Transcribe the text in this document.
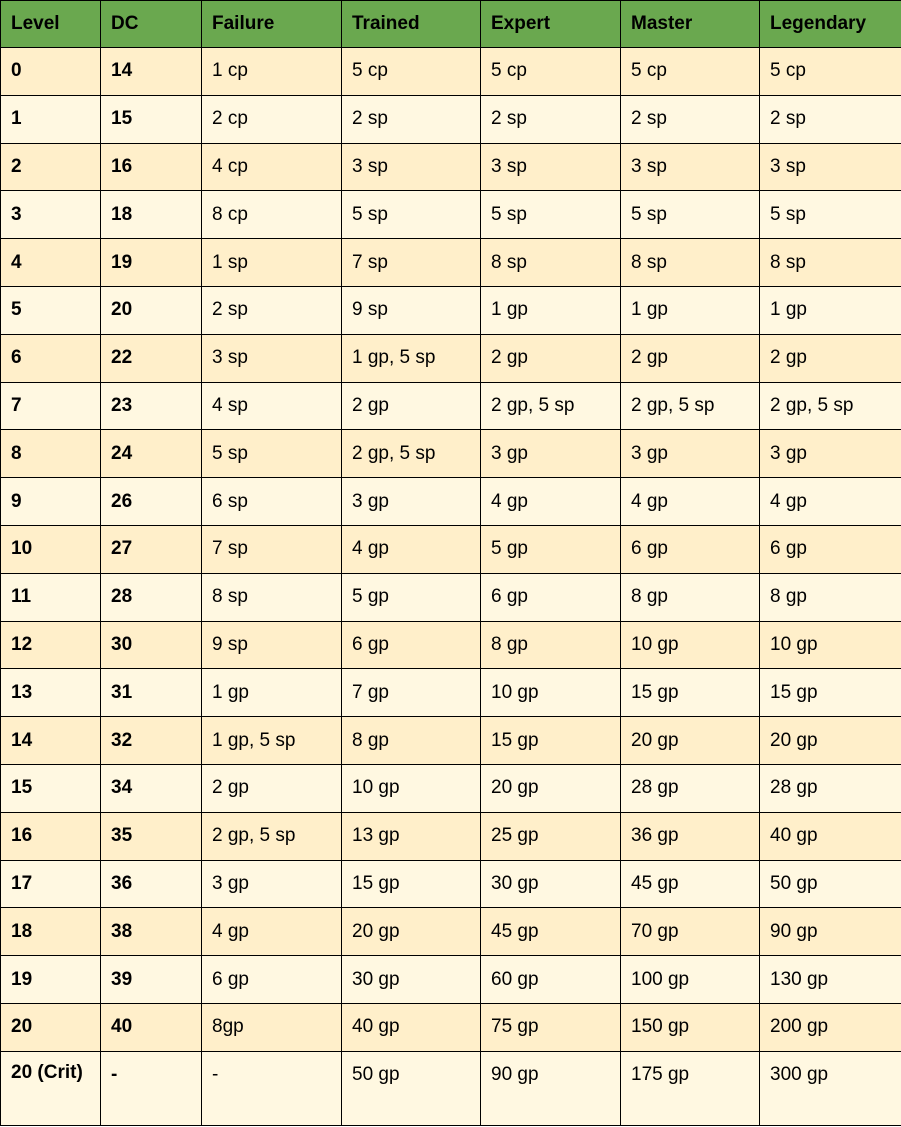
Level	DC	Failure	Trained	Expert	Master	Legendary
0	14	1 cp	5 cp	5 cp	5 cp	5 cp
1	15	2 cp	2 sp	2 sp	2 sp	2 sp
2	16	4 cp	3 sp	3 sp	3 sp	3 sp
3	18	8 cp	5 sp	5 sp	5 sp	5 sp
4	19	1 sp	7 sp	8 sp	8 sp	8 sp
5	20	2 sp	9 sp	1 gp	1 gp	1 gp
6	22	3 sp	1 gp, 5 sp	2 gp	2 gp	2 gp
7	23	4 sp	2 gp	2 gp, 5 sp	2 gp, 5 sp	2 gp, 5 sp
8	24	5 sp	2 gp, 5 sp	3 gp	3 gp	3 gp
9	26	6 sp	3 gp	4 gp	4 gp	4 gp
10	27	7 sp	4 gp	5 gp	6 gp	6 gp
11	28	8 sp	5 gp	6 gp	8 gp	8 gp
12	30	9 sp	6 gp	8 gp	10 gp	10 gp
13	31	1 gp	7 gp	10 gp	15 gp	15 gp
14	32	1 gp, 5 sp	8 gp	15 gp	20 gp	20 gp
15	34	2 gp	10 gp	20 gp	28 gp	28 gp
16	35	2 gp, 5 sp	13 gp	25 gp	36 gp	40 gp
17	36	3 gp	15 gp	30 gp	45 gp	50 gp
18	38	4 gp	20 gp	45 gp	70 gp	90 gp
19	39	6 gp	30 gp	60 gp	100 gp	130 gp
20	40	8gp	40 gp	75 gp	150 gp	200 gp
20 (Crit)	-	-	50 gp	90 gp	175 gp	300 gp
